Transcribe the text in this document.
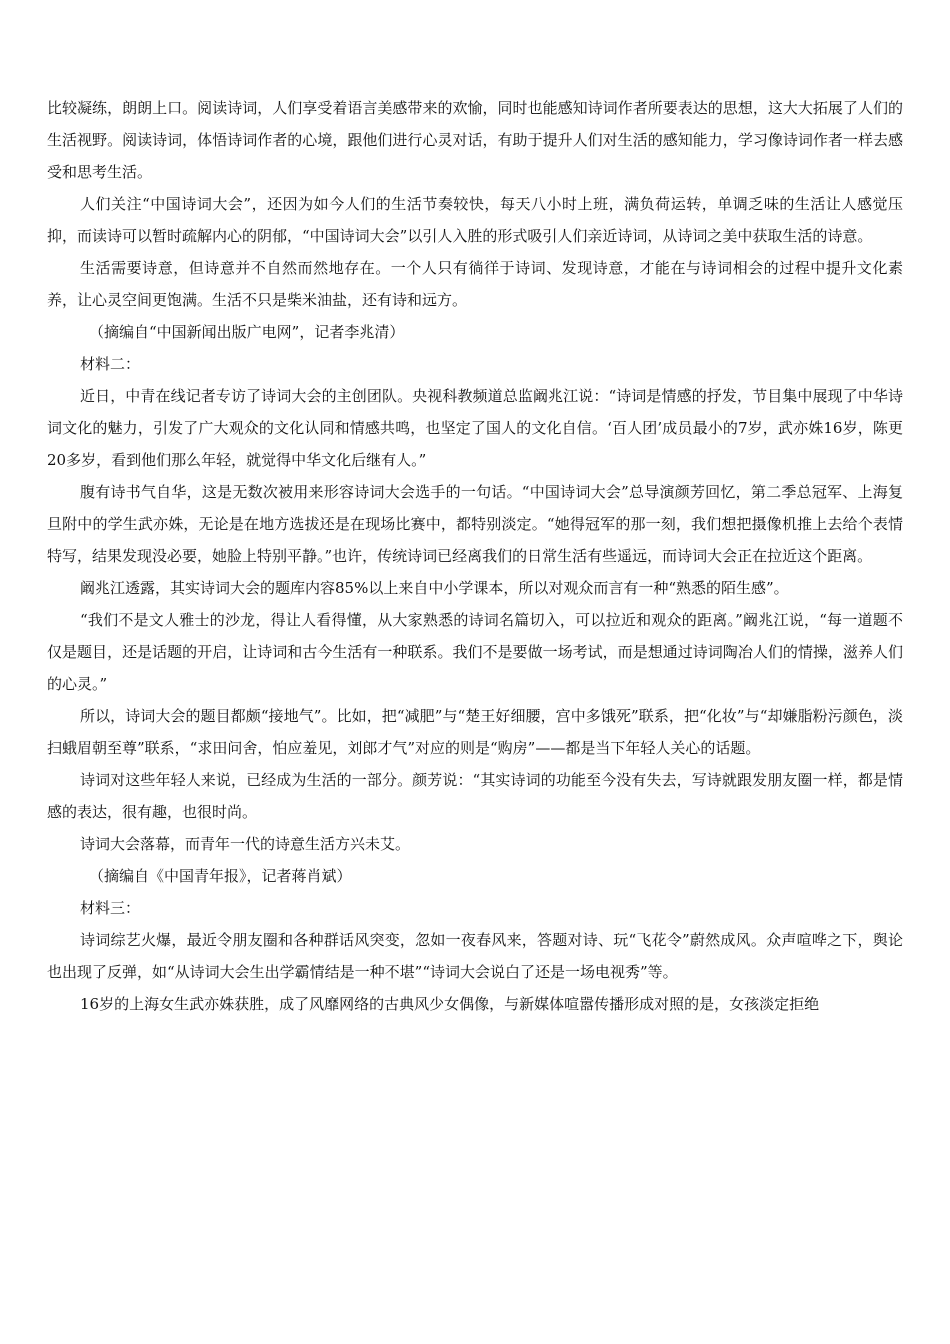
比较凝练，朗朗上口。阅读诗词，人们享受着语言美感带来的欢愉，同时也能感知诗词作者所要表达的思想，这大大拓展了人们的生活视野。阅读诗词，体悟诗词作者的心境，跟他们进行心灵对话，有助于提升人们对生活的感知能力，学习像诗词作者一样去感受和思考生活。

人们关注“中国诗词大会”，还因为如今人们的生活节奏较快，每天八小时上班，满负荷运转，单调乏味的生活让人感觉压抑，而读诗可以暂时疏解内心的阴郁，“中国诗词大会”以引人入胜的形式吸引人们亲近诗词，从诗词之美中获取生活的诗意。

生活需要诗意，但诗意并不自然而然地存在。一个人只有徜徉于诗词、发现诗意，才能在与诗词相会的过程中提升文化素养，让心灵空间更饱满。生活不只是柴米油盐，还有诗和远方。

（摘编自“中国新闻出版广电网”，记者李兆清）

材料二：

近日，中青在线记者专访了诗词大会的主创团队。央视科教频道总监阚兆江说：“诗词是情感的抒发，节目集中展现了中华诗词文化的魅力，引发了广大观众的文化认同和情感共鸣，也坚定了国人的文化自信。‘百人团’成员最小的7岁，武亦姝16岁，陈更20多岁，看到他们那么年轻，就觉得中华文化后继有人。”

腹有诗书气自华，这是无数次被用来形容诗词大会选手的一句话。“中国诗词大会”总导演颜芳回忆，第二季总冠军、上海复旦附中的学生武亦姝，无论是在地方选拔还是在现场比赛中，都特别淡定。“她得冠军的那一刻，我们想把摄像机推上去给个表情特写，结果发现没必要，她脸上特别平静。”也许，传统诗词已经离我们的日常生活有些遥远，而诗词大会正在拉近这个距离。

阚兆江透露，其实诗词大会的题库内容85%以上来自中小学课本，所以对观众而言有一种“熟悉的陌生感”。

“我们不是文人雅士的沙龙，得让人看得懂，从大家熟悉的诗词名篇切入，可以拉近和观众的距离。”阚兆江说，“每一道题不仅是题目，还是话题的开启，让诗词和古今生活有一种联系。我们不是要做一场考试，而是想通过诗词陶冶人们的情操，滋养人们的心灵。”

所以，诗词大会的题目都颇“接地气”。比如，把“减肥”与“楚王好细腰，宫中多饿死”联系，把“化妆”与“却嫌脂粉污颜色，淡扫蛾眉朝至尊”联系，“求田问舍，怕应羞见，刘郎才气”对应的则是“购房”——都是当下年轻人关心的话题。

诗词对这些年轻人来说，已经成为生活的一部分。颜芳说：“其实诗词的功能至今没有失去，写诗就跟发朋友圈一样，都是情感的表达，很有趣，也很时尚。

诗词大会落幕，而青年一代的诗意生活方兴未艾。

（摘编自《中国青年报》，记者蒋肖斌）

材料三：

诗词综艺火爆，最近令朋友圈和各种群话风突变，忽如一夜春风来，答题对诗、玩“飞花令”蔚然成风。众声喧哗之下，舆论也出现了反弹，如“从诗词大会生出学霸情结是一种不堪”“诗词大会说白了还是一场电视秀”等。

16岁的上海女生武亦姝获胜，成了风靡网络的古典风少女偶像，与新媒体喧嚣传播形成对照的是，女孩淡定拒绝
